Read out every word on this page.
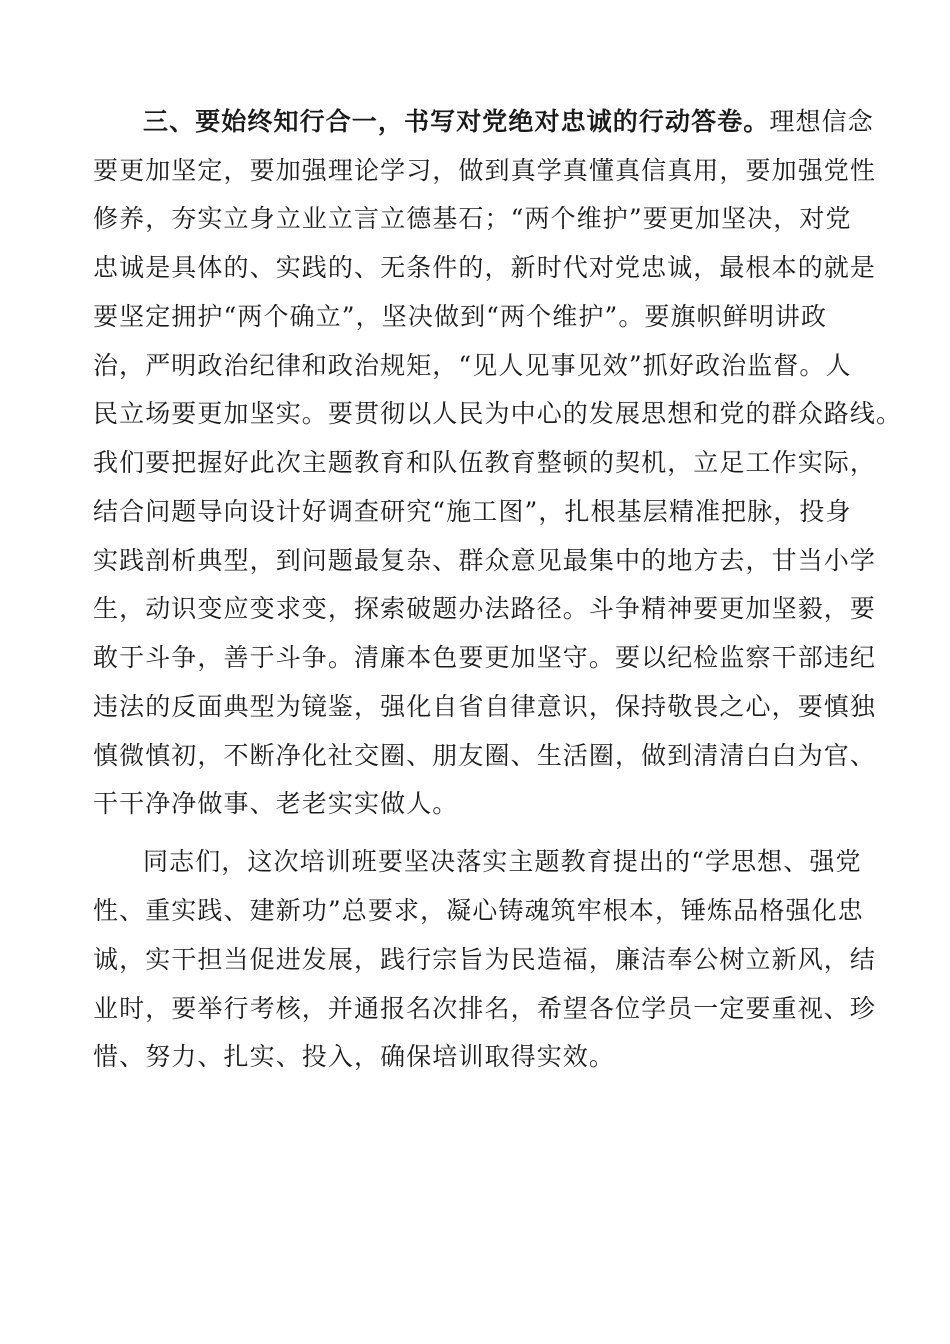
三、要始终知行合一，书写对党绝对忠诚的行动答卷。理想信念
要更加坚定，要加强理论学习，做到真学真懂真信真用，要加强党性
修养，夯实立身立业立言立德基石；“两个维护”要更加坚决，对党
忠诚是具体的、实践的、无条件的，新时代对党忠诚，最根本的就是
要坚定拥护“两个确立”，坚决做到“两个维护”。要旗帜鲜明讲政
治，严明政治纪律和政治规矩，“见人见事见效”抓好政治监督。人
民立场要更加坚实。要贯彻以人民为中心的发展思想和党的群众路线。
我们要把握好此次主题教育和队伍教育整顿的契机，立足工作实际，
结合问题导向设计好调查研究“施工图”，扎根基层精准把脉，投身
实践剖析典型，到问题最复杂、群众意见最集中的地方去，甘当小学
生，动识变应变求变，探索破题办法路径。斗争精神要更加坚毅，要
敢于斗争，善于斗争。清廉本色要更加坚守。要以纪检监察干部违纪
违法的反面典型为镜鉴，强化自省自律意识，保持敬畏之心，要慎独
慎微慎初，不断净化社交圈、朋友圈、生活圈，做到清清白白为官、
干干净净做事、老老实实做人。
同志们，这次培训班要坚决落实主题教育提出的“学思想、强党
性、重实践、建新功”总要求，凝心铸魂筑牢根本，锤炼品格强化忠
诚，实干担当促进发展，践行宗旨为民造福，廉洁奉公树立新风，结
业时，要举行考核，并通报名次排名，希望各位学员一定要重视、珍
惜、努力、扎实、投入，确保培训取得实效。
